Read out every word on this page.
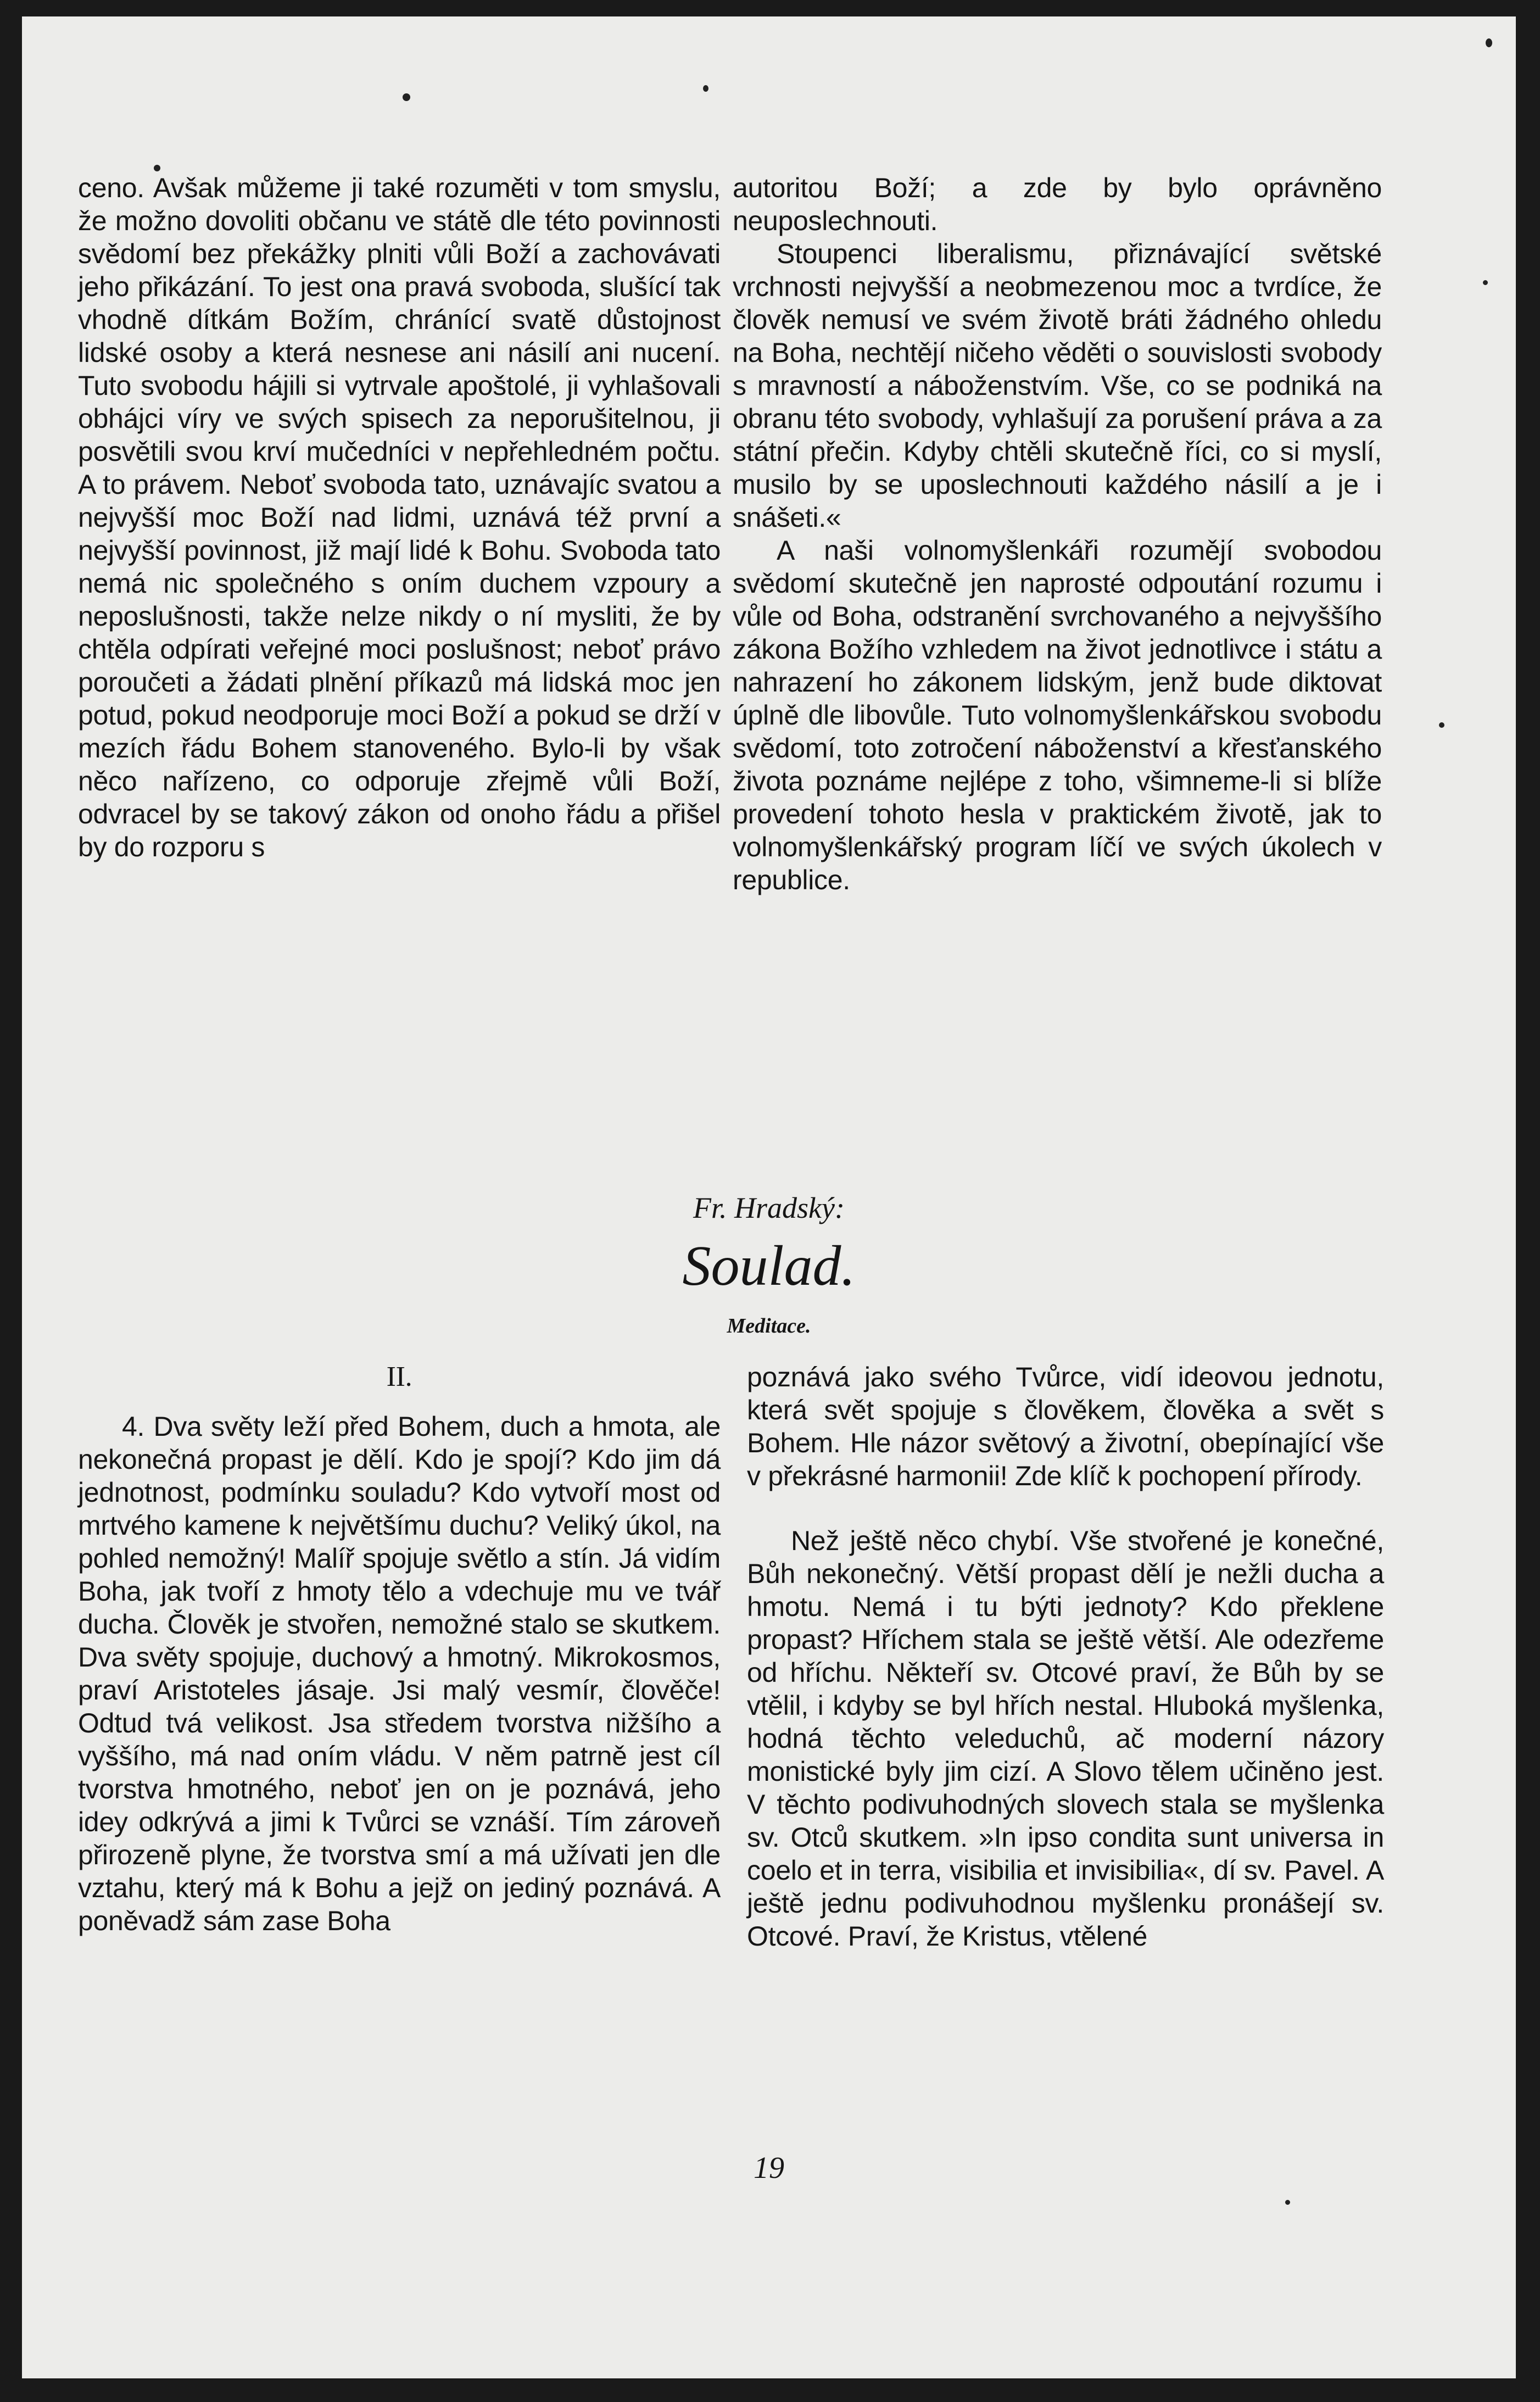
ceno. Avšak můžeme ji také rozuměti v tom smyslu, že možno dovoliti občanu ve státě dle této povinnosti svědomí bez překážky plniti vůli Boží a zachovávati jeho přikázání. To jest ona pravá svoboda, slušící tak vhodně dítkám Božím, chránící svatě důstojnost lidské osoby a která nesnese ani násilí ani nucení. Tuto svobodu hájili si vytrvale apoštolé, ji vyhlašovali obhájci víry ve svých spisech za neporušitelnou, ji posvětili svou krví mučedníci v nepřehledném počtu. A to právem. Neboť svoboda tato, uznávajíc svatou a nejvyšší moc Boží nad lidmi, uznává též první a nejvyšší povinnost, již mají lidé k Bohu. Svoboda tato nemá nic společného s oním duchem vzpoury a neposlušnosti, takže nelze nikdy o ní mysliti, že by chtěla odpírati veřejné moci poslušnost; neboť právo poroučeti a žádati plnění příkazů má lidská moc jen potud, pokud neodporuje moci Boží a pokud se drží v mezích řádu Bohem stanoveného. Bylo-li by však něco nařízeno, co odporuje zřejmě vůli Boží, odvracel by se takový zákon od onoho řádu a přišel by do rozporu s

autoritou Boží; a zde by bylo oprávněno neuposlechnouti.

Stoupenci liberalismu, přiznávající světské vrchnosti nejvyšší a neobmezenou moc a tvrdíce, že člověk nemusí ve svém životě bráti žádného ohledu na Boha, nechtějí ničeho věděti o souvislosti svobody s mravností a náboženstvím. Vše, co se podniká na obranu této svobody, vyhlašují za porušení práva a za státní přečin. Kdyby chtěli skutečně říci, co si myslí, musilo by se uposlechnouti každého násilí a je i snášeti.«

A naši volnomyšlenkáři rozumějí svobodou svědomí skutečně jen naprosté odpoutání rozumu i vůle od Boha, odstranění svrchovaného a nejvyššího zákona Božího vzhledem na život jednotlivce i státu a nahrazení ho zákonem lidským, jenž bude diktovat úplně dle libovůle. Tuto volnomyšlenkářskou svobodu svědomí, toto zotročení náboženství a křesťanského života poznáme nejlépe z toho, všimneme-li si blíže provedení tohoto hesla v praktickém životě, jak to volnomyšlenkářský program líčí ve svých úkolech v republice.

Fr. Hradský:
Soulad.
Meditace.
II.

4. Dva světy leží před Bohem, duch a hmota, ale nekonečná propast je dělí. Kdo je spojí? Kdo jim dá jednotnost, podmínku souladu? Kdo vytvoří most od mrtvého kamene k největšímu duchu? Veliký úkol, na pohled nemožný! Malíř spojuje světlo a stín. Já vidím Boha, jak tvoří z hmoty tělo a vdechuje mu ve tvář ducha. Člověk je stvořen, nemožné stalo se skutkem. Dva světy spojuje, duchový a hmotný. Mikrokosmos, praví Aristoteles jásaje. Jsi malý vesmír, člověče! Odtud tvá velikost. Jsa středem tvorstva nižšího a vyššího, má nad oním vládu. V něm patrně jest cíl tvorstva hmotného, neboť jen on je poznává, jeho idey odkrývá a jimi k Tvůrci se vznáší. Tím zároveň přirozeně plyne, že tvorstva smí a má užívati jen dle vztahu, který má k Bohu a jejž on jediný poznává. A poněvadž sám zase Boha

poznává jako svého Tvůrce, vidí ideovou jednotu, která svět spojuje s člověkem, člověka a svět s Bohem. Hle názor světový a životní, obepínající vše v překrásné harmonii! Zde klíč k pochopení přírody.

Než ještě něco chybí. Vše stvořené je konečné, Bůh nekonečný. Větší propast dělí je nežli ducha a hmotu. Nemá i tu býti jednoty? Kdo překlene propast? Hříchem stala se ještě větší. Ale odezřeme od hříchu. Někteří sv. Otcové praví, že Bůh by se vtělil, i kdyby se byl hřích nestal. Hluboká myšlenka, hodná těchto veleduchů, ač moderní názory monistické byly jim cizí. A Slovo tělem učiněno jest. V těchto podivuhodných slovech stala se myšlenka sv. Otců skutkem. »In ipso condita sunt universa in coelo et in terra, visibilia et invisibilia«, dí sv. Pavel. A ještě jednu podivuhodnou myšlenku pronášejí sv. Otcové. Praví, že Kristus, vtělené

19
